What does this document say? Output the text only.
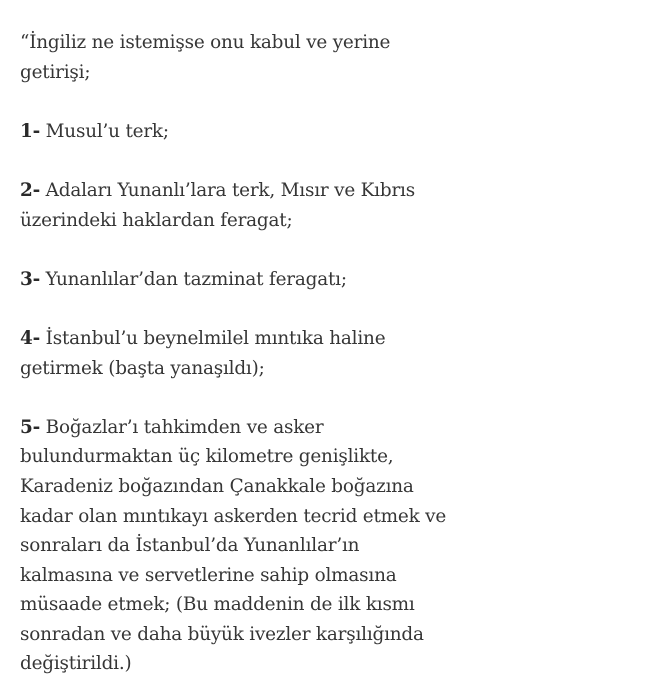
“İngiliz ne istemişse onu kabul ve yerine getirişi;

1- Musul’u terk;

2- Adaları Yunanlı’lara terk, Mısır ve Kıbrıs üzerindeki haklardan feragat;

3- Yunanlılar’dan tazminat feragatı;

4- İstanbul’u beynelmilel mıntıka haline getirmek (başta yanaşıldı);

5- Boğazlar’ı tahkimden ve asker bulundurmaktan üç kilometre genişlikte, Karadeniz boğazından Çanakkale boğazına kadar olan mıntıkayı askerden tecrid etmek ve sonraları da İstanbul’da Yunanlılar’ın kalmasına ve servetlerine sahip olmasına müsaade etmek; (Bu maddenin de ilk kısmı sonradan ve daha büyük ivezler karşılığında değiştirildi.)
